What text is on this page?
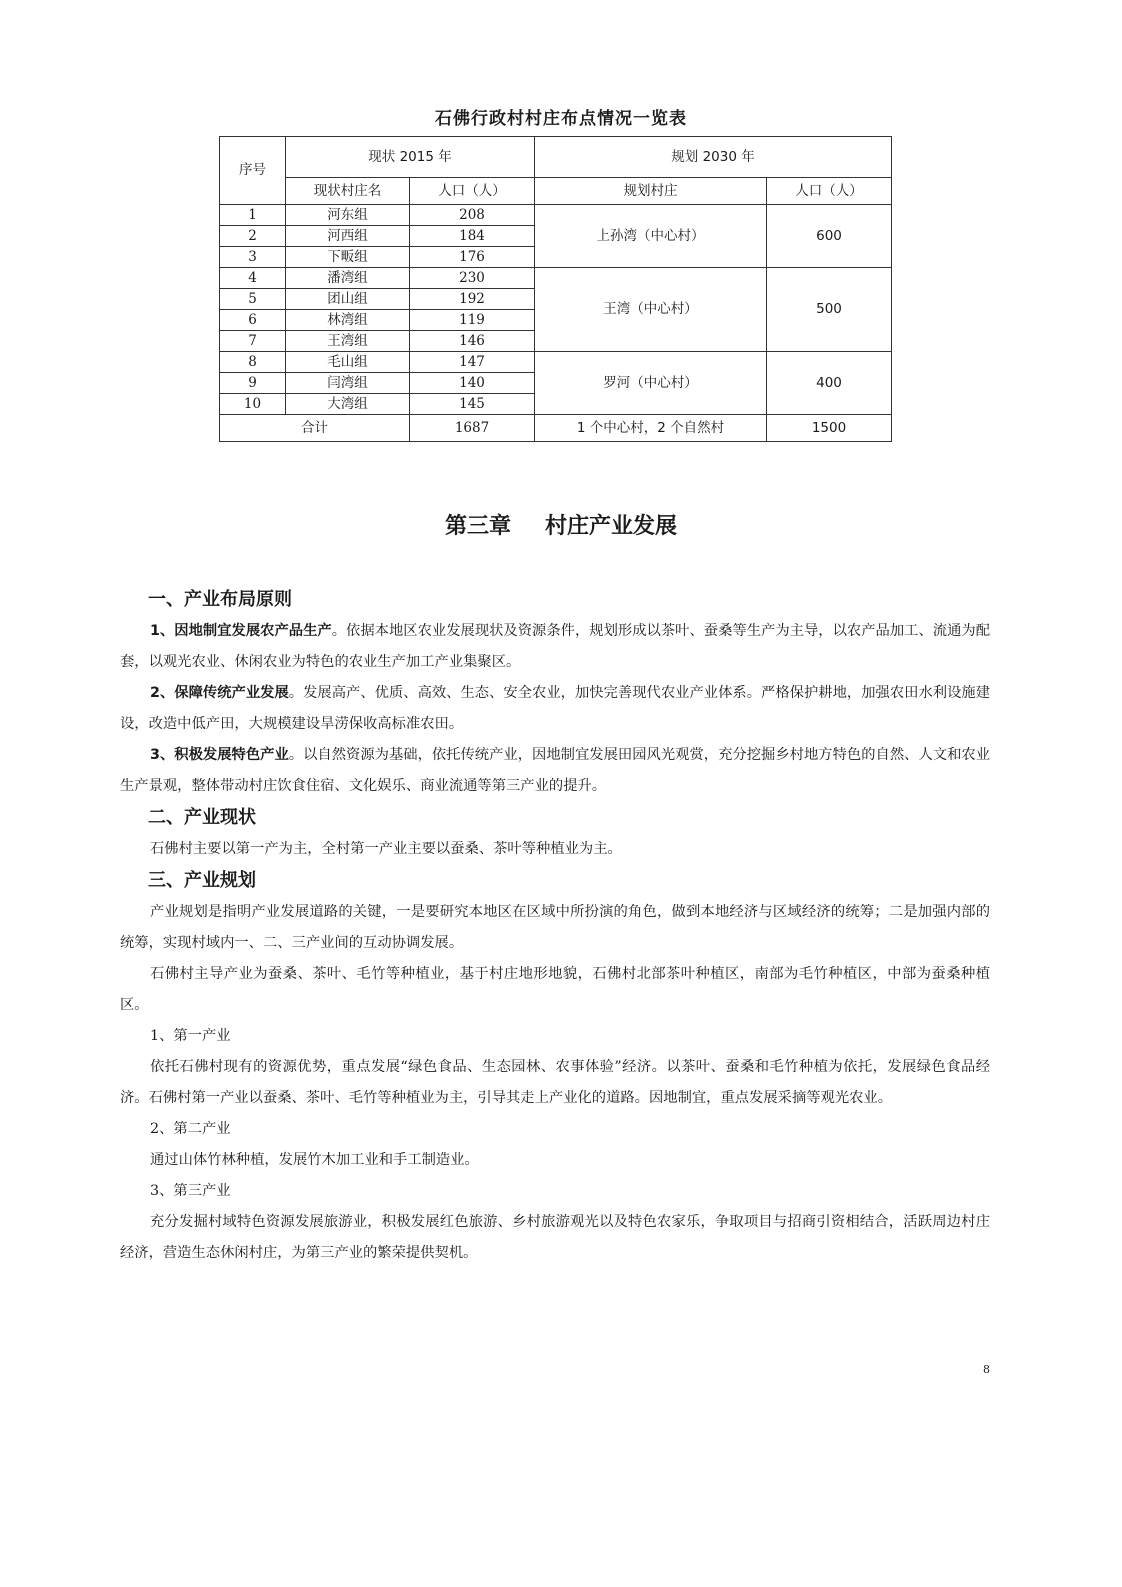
石佛行政村村庄布点情况一览表
序号	现状 2015 年		规划 2030 年	
	现状村庄名	人口（人）	规划村庄	人口（人）
1	河东组	208	上孙湾（中心村）	600
2	河西组	184		
3	下畈组	176		
4	潘湾组	230	王湾（中心村）	500
5	团山组	192		
6	林湾组	119		
7	王湾组	146		
8	毛山组	147	罗河（中心村）	400
9	闫湾组	140		
10	大湾组	145		
合计		1687	1 个中心村，2 个自然村	1500
第三章 村庄产业发展
一、产业布局原则

1、因地制宜发展农产品生产。依据本地区农业发展现状及资源条件，规划形成以茶叶、蚕桑等生产为主导，以农产品加工、流通为配套，以观光农业、休闲农业为特色的农业生产加工产业集聚区。

2、保障传统产业发展。发展高产、优质、高效、生态、安全农业，加快完善现代农业产业体系。严格保护耕地，加强农田水利设施建设，改造中低产田，大规模建设旱涝保收高标准农田。

3、积极发展特色产业。以自然资源为基础，依托传统产业，因地制宜发展田园风光观赏，充分挖掘乡村地方特色的自然、人文和农业生产景观，整体带动村庄饮食住宿、文化娱乐、商业流通等第三产业的提升。

二、产业现状

石佛村主要以第一产为主，全村第一产业主要以蚕桑、茶叶等种植业为主。

三、产业规划

产业规划是指明产业发展道路的关键，一是要研究本地区在区域中所扮演的角色，做到本地经济与区域经济的统筹；二是加强内部的统筹，实现村域内一、二、三产业间的互动协调发展。

石佛村主导产业为蚕桑、茶叶、毛竹等种植业，基于村庄地形地貌，石佛村北部茶叶种植区，南部为毛竹种植区，中部为蚕桑种植区。

1、第一产业

依托石佛村现有的资源优势，重点发展“绿色食品、生态园林、农事体验”经济。以茶叶、蚕桑和毛竹种植为依托，发展绿色食品经济。石佛村第一产业以蚕桑、茶叶、毛竹等种植业为主，引导其走上产业化的道路。因地制宜，重点发展采摘等观光农业。

2、第二产业

通过山体竹林种植，发展竹木加工业和手工制造业。

3、第三产业

充分发掘村域特色资源发展旅游业，积极发展红色旅游、乡村旅游观光以及特色农家乐，争取项目与招商引资相结合，活跃周边村庄经济，营造生态休闲村庄，为第三产业的繁荣提供契机。

8
